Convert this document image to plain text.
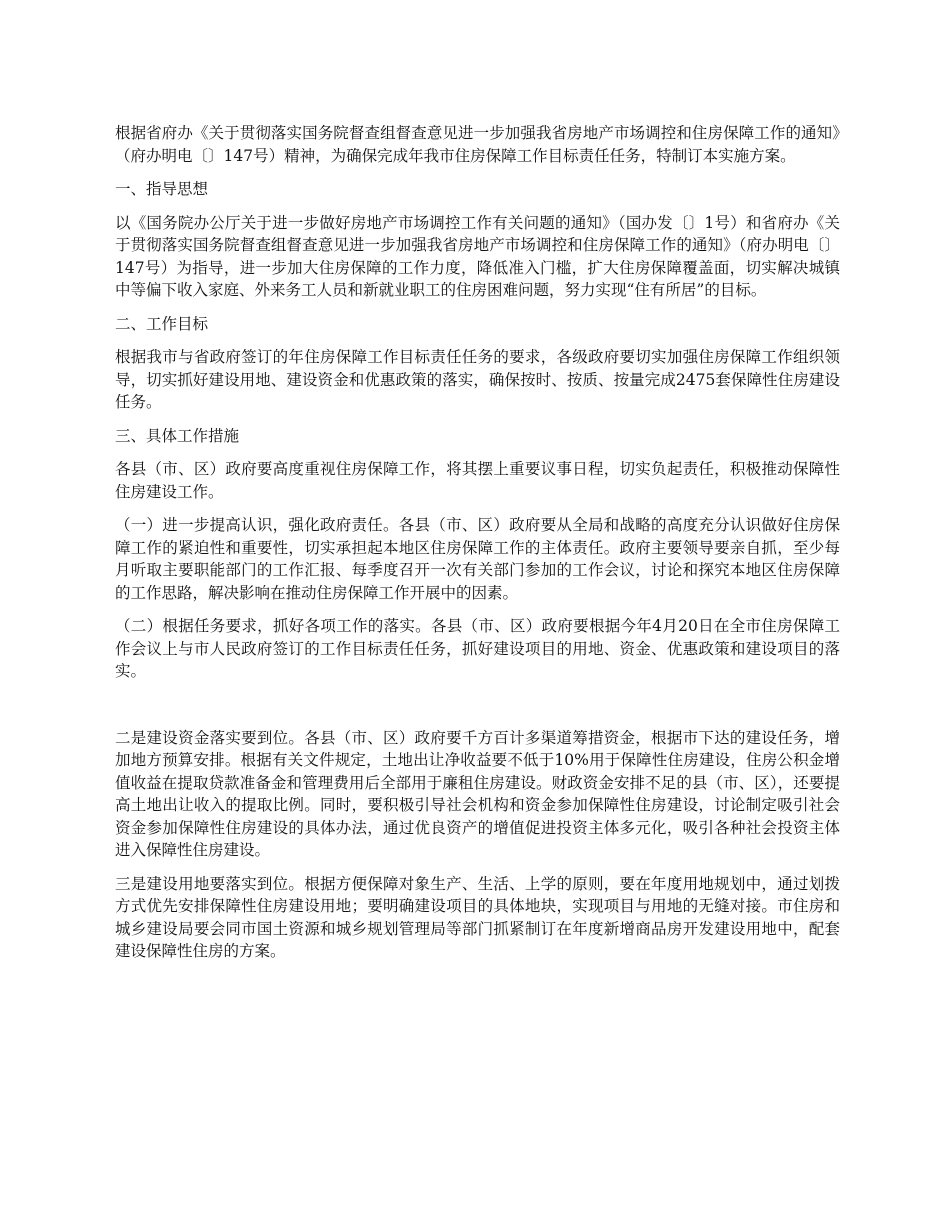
根据省府办《关于贯彻落实国务院督查组督查意见进一步加强我省房地产市场调控和住房保障工作的通知》（府办明电〔〕147号）精神，为确保完成年我市住房保障工作目标责任任务，特制订本实施方案。

一、指导思想

以《国务院办公厅关于进一步做好房地产市场调控工作有关问题的通知》（国办发〔〕1号）和省府办《关于贯彻落实国务院督查组督查意见进一步加强我省房地产市场调控和住房保障工作的通知》（府办明电〔〕147号）为指导，进一步加大住房保障的工作力度，降低准入门槛，扩大住房保障覆盖面，切实解决城镇中等偏下收入家庭、外来务工人员和新就业职工的住房困难问题，努力实现“住有所居”的目标。

二、工作目标

根据我市与省政府签订的年住房保障工作目标责任任务的要求，各级政府要切实加强住房保障工作组织领导，切实抓好建设用地、建设资金和优惠政策的落实，确保按时、按质、按量完成2475套保障性住房建设任务。

三、具体工作措施

各县（市、区）政府要高度重视住房保障工作，将其摆上重要议事日程，切实负起责任，积极推动保障性住房建设工作。

（一）进一步提高认识，强化政府责任。各县（市、区）政府要从全局和战略的高度充分认识做好住房保障工作的紧迫性和重要性，切实承担起本地区住房保障工作的主体责任。政府主要领导要亲自抓，至少每月听取主要职能部门的工作汇报、每季度召开一次有关部门参加的工作会议，讨论和探究本地区住房保障的工作思路，解决影响在推动住房保障工作开展中的因素。

（二）根据任务要求，抓好各项工作的落实。各县（市、区）政府要根据今年4月20日在全市住房保障工作会议上与市人民政府签订的工作目标责任任务，抓好建设项目的用地、资金、优惠政策和建设项目的落实。

二是建设资金落实要到位。各县（市、区）政府要千方百计多渠道筹措资金，根据市下达的建设任务，增加地方预算安排。根据有关文件规定，土地出让净收益要不低于10%用于保障性住房建设，住房公积金增值收益在提取贷款准备金和管理费用后全部用于廉租住房建设。财政资金安排不足的县（市、区），还要提高土地出让收入的提取比例。同时，要积极引导社会机构和资金参加保障性住房建设，讨论制定吸引社会资金参加保障性住房建设的具体办法，通过优良资产的增值促进投资主体多元化，吸引各种社会投资主体进入保障性住房建设。

三是建设用地要落实到位。根据方便保障对象生产、生活、上学的原则，要在年度用地规划中，通过划拨方式优先安排保障性住房建设用地；要明确建设项目的具体地块，实现项目与用地的无缝对接。市住房和城乡建设局要会同市国土资源和城乡规划管理局等部门抓紧制订在年度新增商品房开发建设用地中，配套建设保障性住房的方案。
